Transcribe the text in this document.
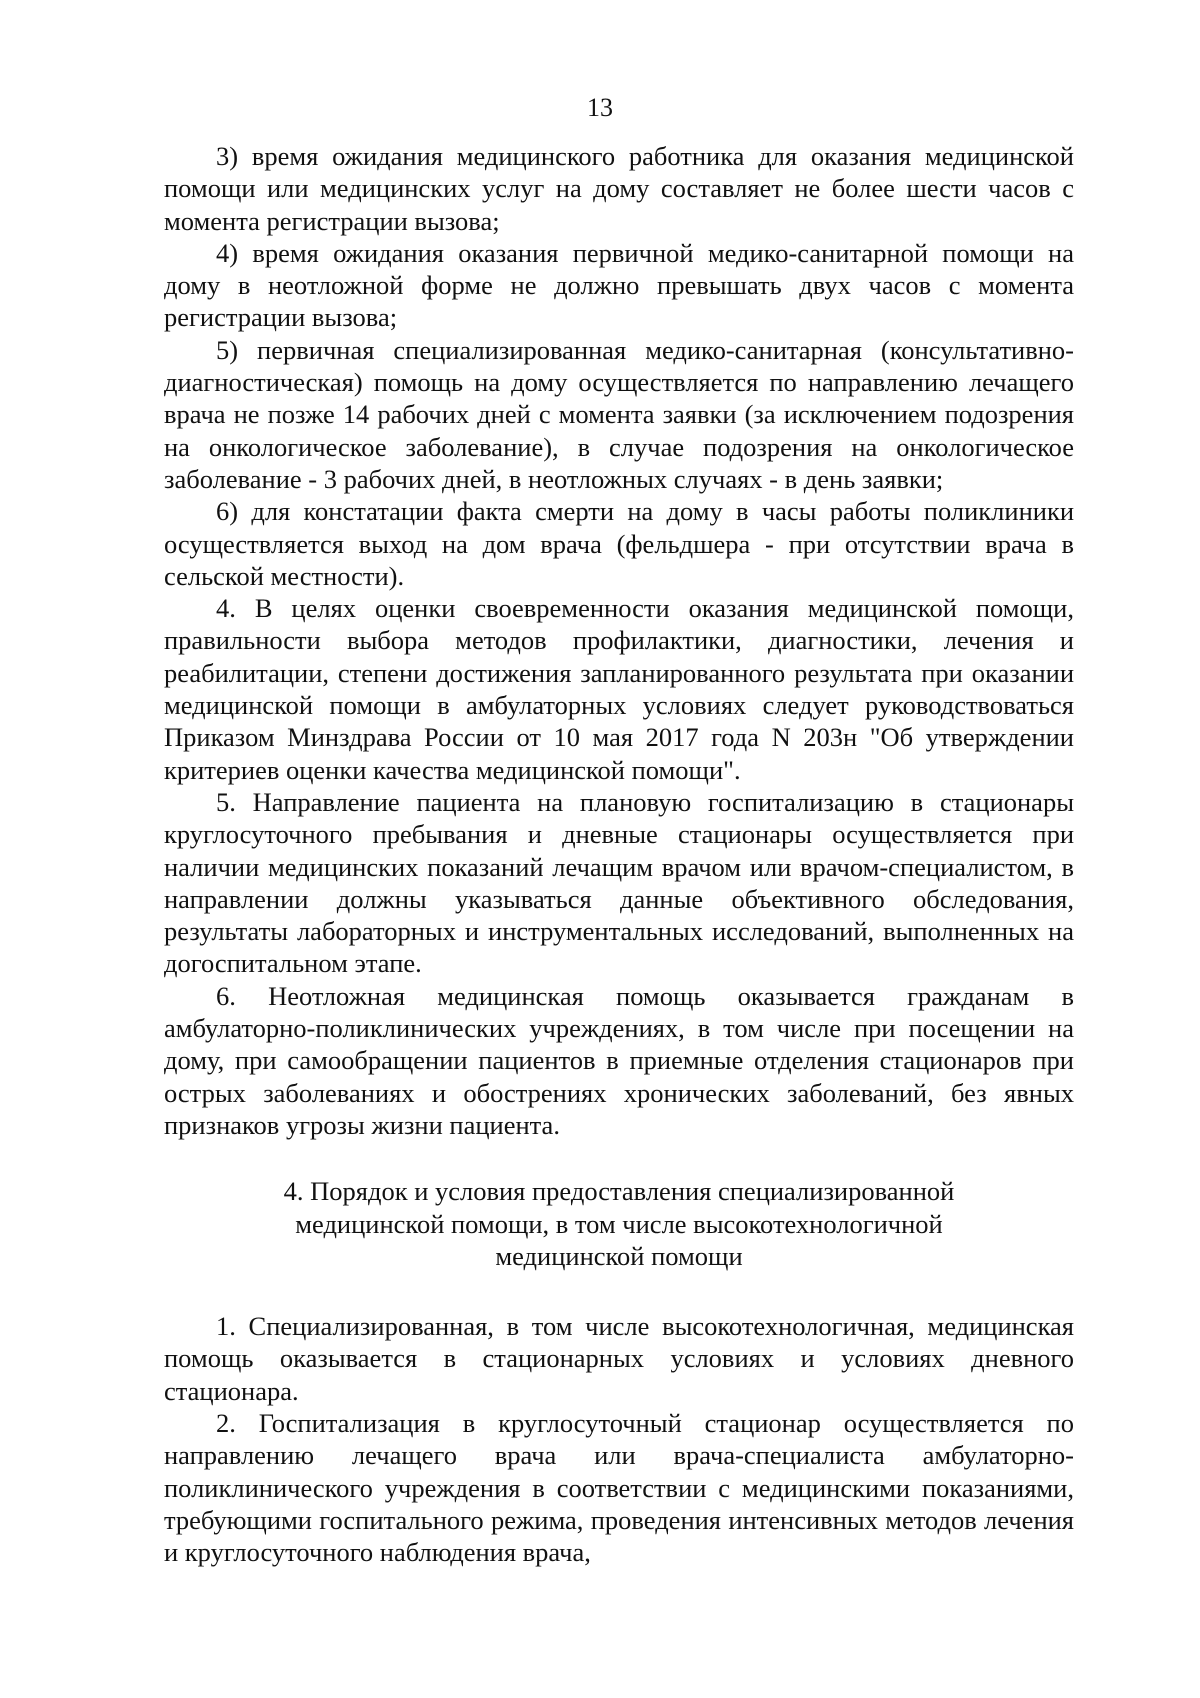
13

3) время ожидания медицинского работника для оказания медицинской помощи или медицинских услуг на дому составляет не более шести часов с момента регистрации вызова;

4) время ожидания оказания первичной медико-санитарной помощи на дому в неотложной форме не должно превышать двух часов с момента регистрации вызова;

5) первичная специализированная медико-санитарная (консультативно-диагностическая) помощь на дому осуществляется по направлению лечащего врача не позже 14 рабочих дней с момента заявки (за исключением подозрения на онкологическое заболевание), в случае подозрения на онкологическое заболевание - 3 рабочих дней, в неотложных случаях - в день заявки;

6) для констатации факта смерти на дому в часы работы поликлиники осуществляется выход на дом врача (фельдшера - при отсутствии врача в сельской местности).

4. В целях оценки своевременности оказания медицинской помощи, правильности выбора методов профилактики, диагностики, лечения и реабилитации, степени достижения запланированного результата при оказании медицинской помощи в амбулаторных условиях следует руководствоваться Приказом Минздрава России от 10 мая 2017 года N 203н "Об утверждении критериев оценки качества медицинской помощи".

5. Направление пациента на плановую госпитализацию в стационары круглосуточного пребывания и дневные стационары осуществляется при наличии медицинских показаний лечащим врачом или врачом-специалистом, в направлении должны указываться данные объективного обследования, результаты лабораторных и инструментальных исследований, выполненных на догоспитальном этапе.

6. Неотложная медицинская помощь оказывается гражданам в амбулаторно-поликлинических учреждениях, в том числе при посещении на дому, при самообращении пациентов в приемные отделения стационаров при острых заболеваниях и обострениях хронических заболеваний, без явных признаков угрозы жизни пациента.

4. Порядок и условия предоставления специализированной
медицинской помощи, в том числе высокотехнологичной
медицинской помощи

1. Специализированная, в том числе высокотехнологичная, медицинская помощь оказывается в стационарных условиях и условиях дневного стационара.

2. Госпитализация в круглосуточный стационар осуществляется по направлению лечащего врача или врача-специалиста амбулаторно-поликлинического учреждения в соответствии с медицинскими показаниями, требующими госпитального режима, проведения интенсивных методов лечения и круглосуточного наблюдения врача,
